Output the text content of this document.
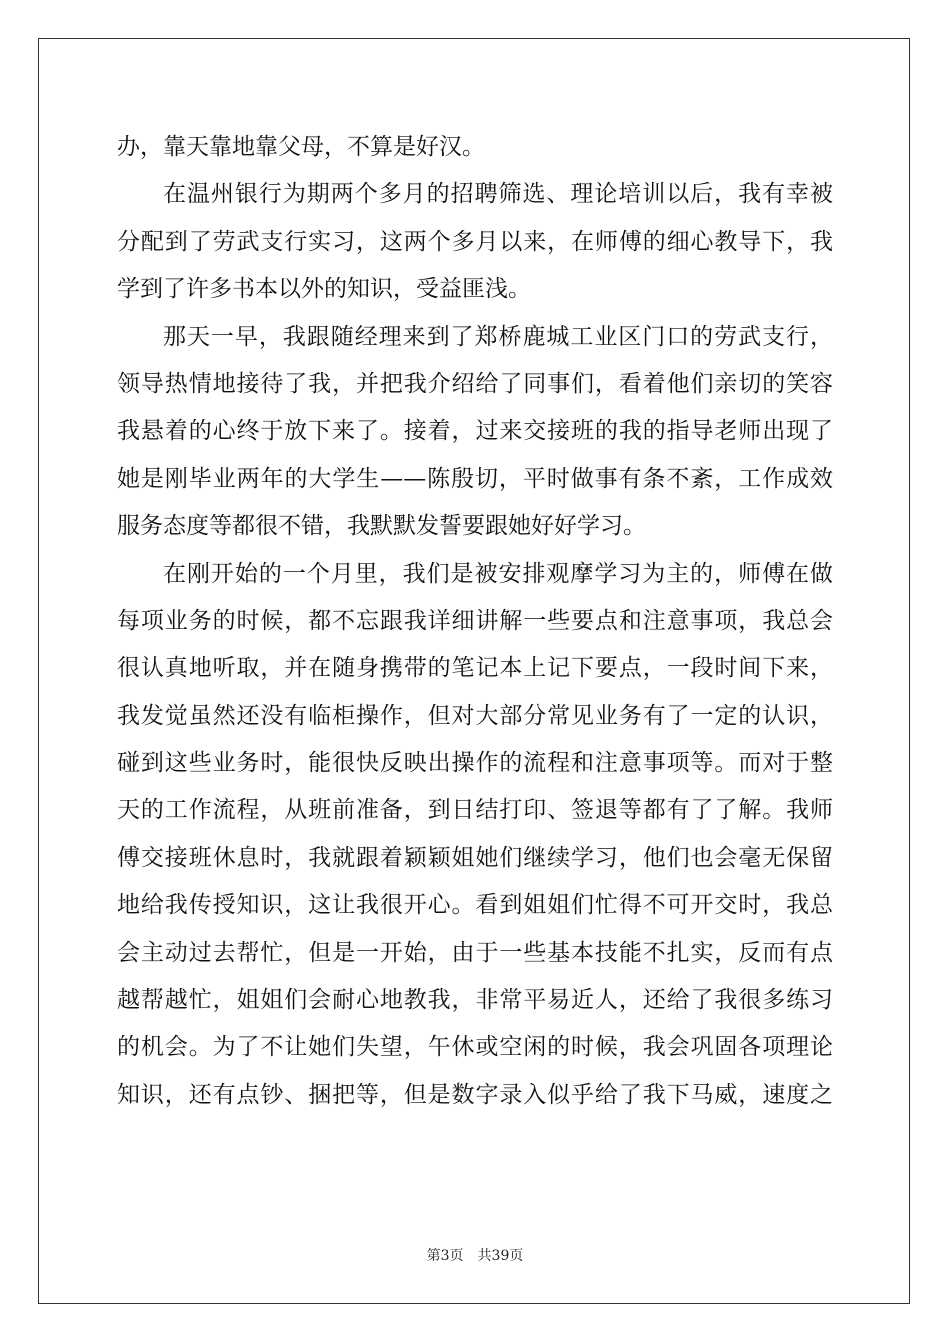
办，靠天靠地靠父母，不算是好汉。
在温州银行为期两个多月的招聘筛选、理论培训以后，我有幸被
分配到了劳武支行实习，这两个多月以来，在师傅的细心教导下，我
学到了许多书本以外的知识，受益匪浅。
那天一早，我跟随经理来到了郑桥鹿城工业区门口的劳武支行，
领导热情地接待了我，并把我介绍给了同事们，看着他们亲切的笑容
我悬着的心终于放下来了。接着，过来交接班的我的指导老师出现了
她是刚毕业两年的大学生——陈殷切，平时做事有条不紊，工作成效
服务态度等都很不错，我默默发誓要跟她好好学习。
在刚开始的一个月里，我们是被安排观摩学习为主的，师傅在做
每项业务的时候，都不忘跟我详细讲解一些要点和注意事项，我总会
很认真地听取，并在随身携带的笔记本上记下要点，一段时间下来，
我发觉虽然还没有临柜操作，但对大部分常见业务有了一定的认识，
碰到这些业务时，能很快反映出操作的流程和注意事项等。而对于整
天的工作流程，从班前准备，到日结打印、签退等都有了了解。我师
傅交接班休息时，我就跟着颖颖姐她们继续学习，他们也会毫无保留
地给我传授知识，这让我很开心。看到姐姐们忙得不可开交时，我总
会主动过去帮忙，但是一开始，由于一些基本技能不扎实，反而有点
越帮越忙，姐姐们会耐心地教我，非常平易近人，还给了我很多练习
的机会。为了不让她们失望，午休或空闲的时候，我会巩固各项理论
知识，还有点钞、捆把等，但是数字录入似乎给了我下马威，速度之
第3页 共39页
